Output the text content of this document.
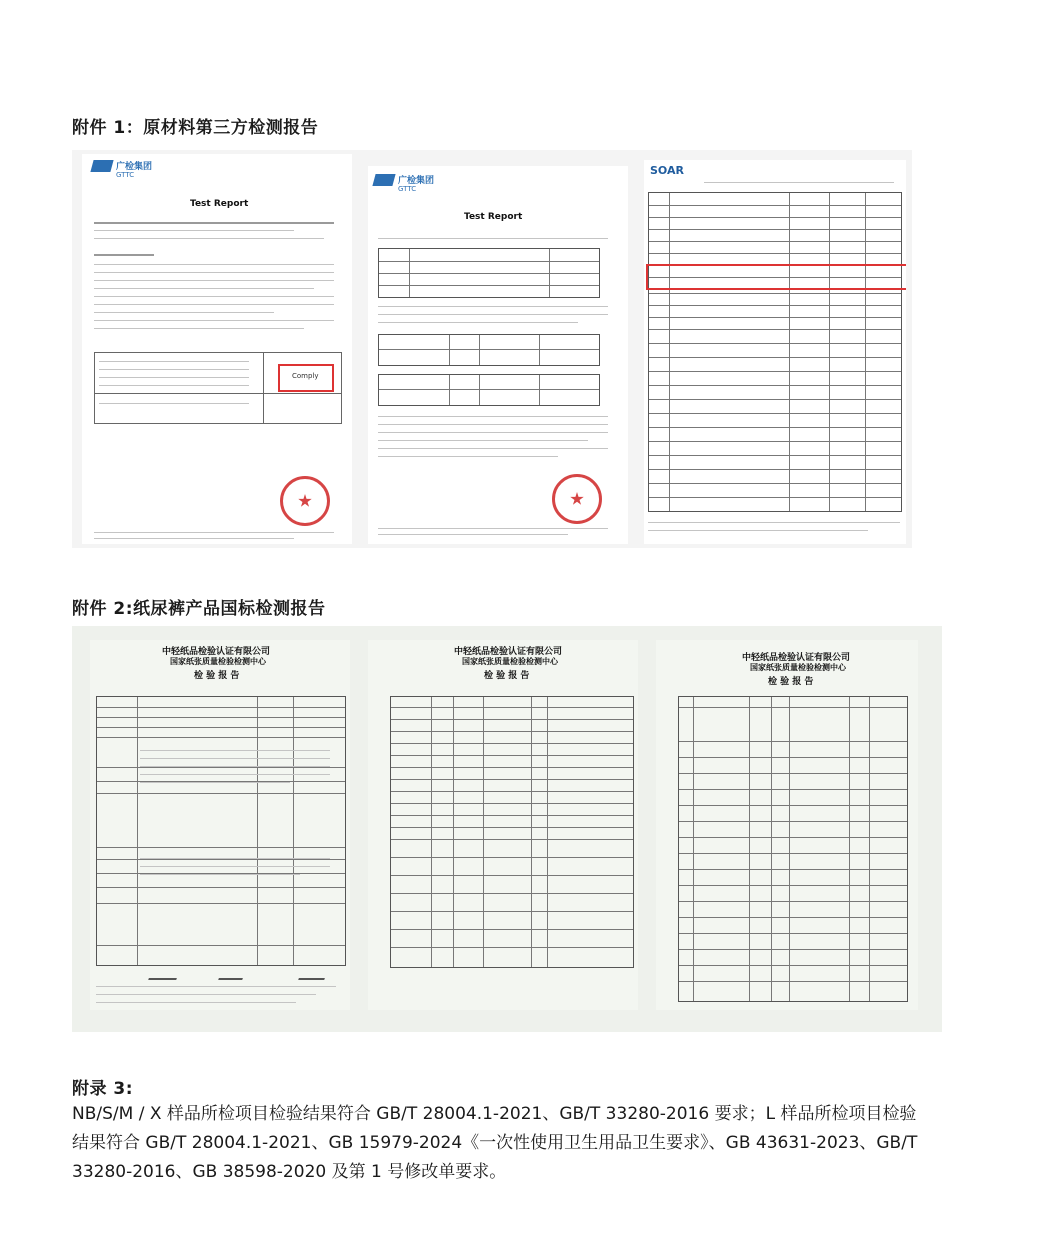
附件 1：原材料第三方检测报告
广检集团
GTTC
Test Report
Comply
广检集团
GTTC
Test Report
SOAR
附件 2:纸尿裤产品国标检测报告
中轻纸品检验认证有限公司
国家纸张质量检验检测中心
检 验 报 告
中轻纸品检验认证有限公司
国家纸张质量检验检测中心
检 验 报 告
中轻纸品检验认证有限公司
国家纸张质量检验检测中心
检 验 报 告
附录 3:
NB/S/M / X 样品所检项目检验结果符合 GB/T 28004.1-2021、GB/T 33280-2016 要求；L 样品所检项目检验
结果符合 GB/T 28004.1-2021、GB 15979-2024《一次性使用卫生用品卫生要求》、GB 43631-2023、GB/T
33280-2016、GB 38598-2020 及第 1 号修改单要求。
